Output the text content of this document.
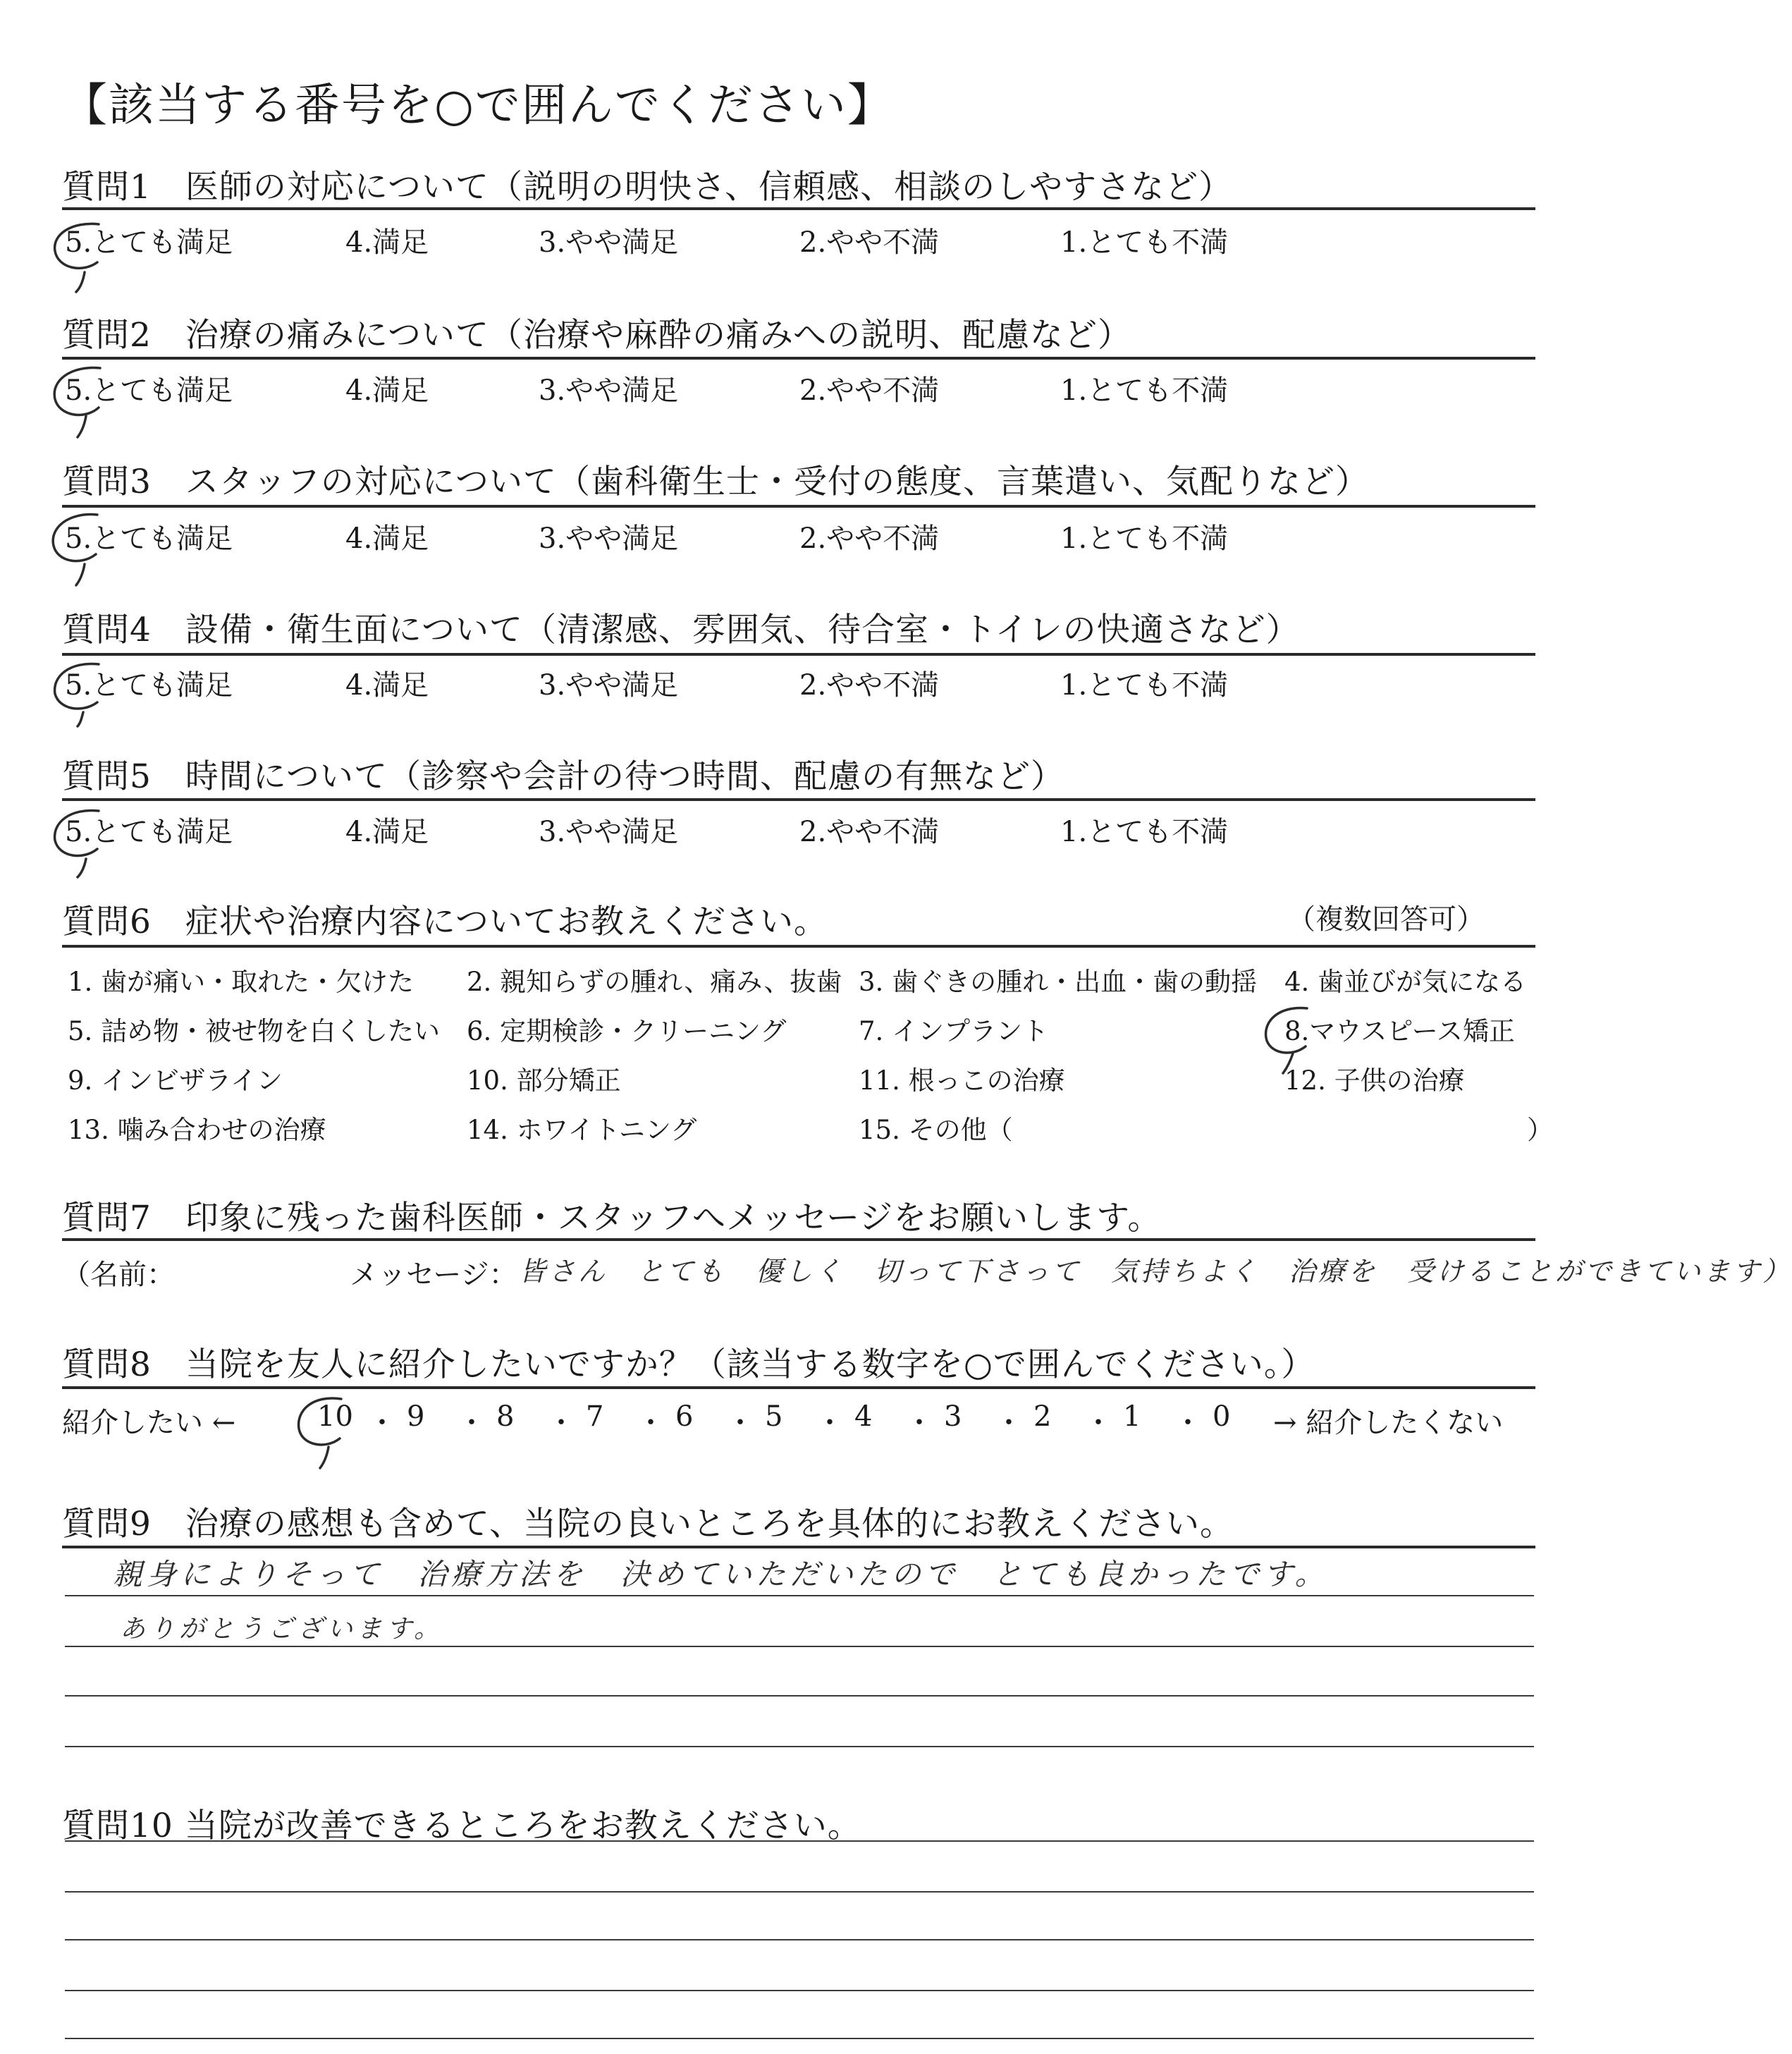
【該当する番号を○で囲んでください】
質問1　医師の対応について（説明の明快さ、信頼感、相談のしやすさなど）
5.とても満足	4.満足	3.やや満足	2.やや不満	1.とても不満
質問2　治療の痛みについて（治療や麻酔の痛みへの説明、配慮など）
5.とても満足	4.満足	3.やや満足	2.やや不満	1.とても不満
質問3　スタッフの対応について（歯科衛生士・受付の態度、言葉遣い、気配りなど）
5.とても満足	4.満足	3.やや満足	2.やや不満	1.とても不満
質問4　設備・衛生面について（清潔感、雰囲気、待合室・トイレの快適さなど）
5.とても満足	4.満足	3.やや満足	2.やや不満	1.とても不満
質問5　時間について（診察や会計の待つ時間、配慮の有無など）
5.とても満足	4.満足	3.やや満足	2.やや不満	1.とても不満
質問6　症状や治療内容についてお教えください。	（複数回答可）
1. 歯が痛い・取れた・欠けた 2. 親知らずの腫れ、痛み、抜歯 3. 歯ぐきの腫れ・出血・歯の動揺 4. 歯並びが気になる
5. 詰め物・被せ物を白くしたい 6. 定期検診・クリーニング	7. インプラント	8.マウスピース矯正
9. インビザライン	10. 部分矯正	11. 根っこの治療	12. 子供の治療
13. 噛み合わせの治療	14. ホワイトニング	15. その他（	）
質問7　印象に残った歯科医師・スタッフへメッセージをお願いします。
（名前：	メッセージ： 皆さん　とても　優しく　切って下さって　気持ちよく　治療を　受けることができています）
質問8　当院を友人に紹介したいですか？（該当する数字を○で囲んでください。）
紹介したい ←	→ 紹介したくない
10 ・ 9 ・ 8 ・ 7 ・ 6 ・ 5 ・ 4 ・ 3 ・ 2 ・ 1 ・ 0
質問9　治療の感想も含めて、当院の良いところを具体的にお教えください。
親身によりそって　治療方法を　決めていただいたので　とても良かったです。
ありがとうございます。
質問10 当院が改善できるところをお教えください。
